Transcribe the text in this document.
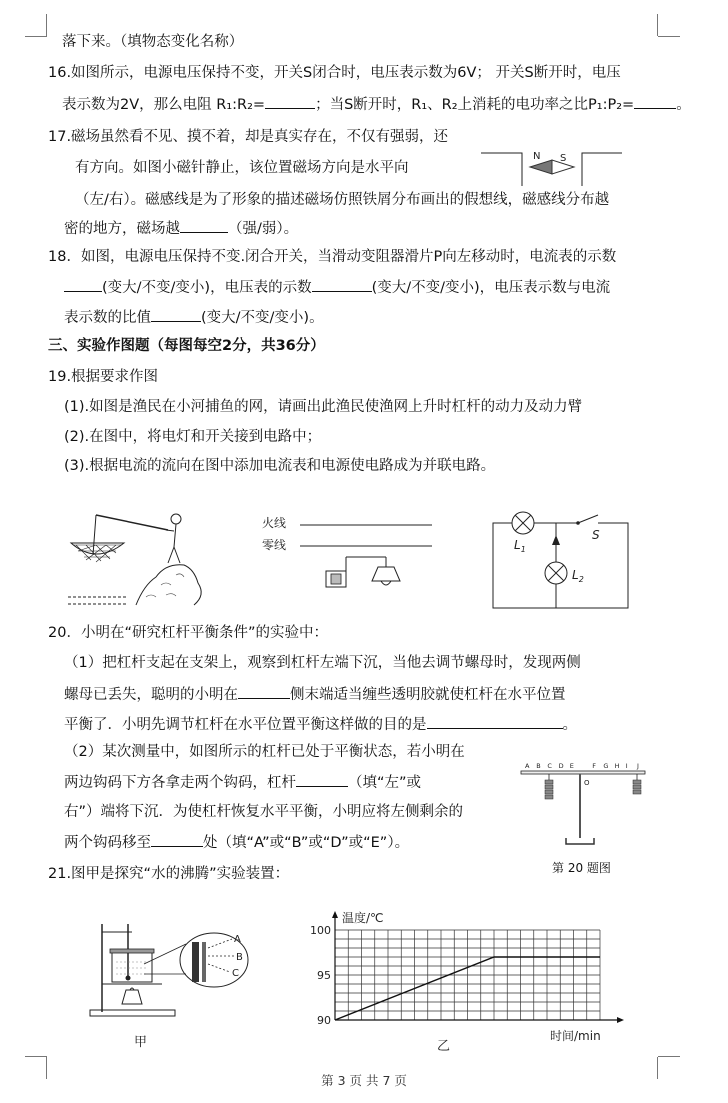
落下来。（填物态变化名称）
16.如图所示，电源电压保持不变，开关S闭合时，电压表示数为6V； 开关S断开时，电压
表示数为2V，那么电阻 R₁:R₂=	；当S断开时，R₁、R₂上消耗的电功率之比P₁:P₂=	。
17.磁场虽然看不见、摸不着，却是真实存在，不仅有强弱，还
有方向。如图小磁针静止，该位置磁场方向是水平向
（左/右）。磁感线是为了形象的描述磁场仿照铁屑分布画出的假想线，磁感线分布越
密的地方，磁场越	（强/弱）。
N S
18．如图，电源电压保持不变.闭合开关，当滑动变阻器滑片P向左移动时，电流表的示数
(变大/不变/变小)，电压表的示数	(变大/不变/变小)，电压表示数与电流
表示数的比值	(变大/不变/变小)。
三、实验作图题（每图每空2分，共36分）
19.根据要求作图
(1).如图是渔民在小河捕鱼的网，请画出此渔民使渔网上升时杠杆的动力及动力臂
(2).在图中，将电灯和开关接到电路中；
(3).根据电流的流向在图中添加电流表和电源使电路成为并联电路。
火线
零线	$L_1$
S
$L_2$
20．小明在“研究杠杆平衡条件”的实验中：
（1）把杠杆支起在支架上，观察到杠杆左端下沉，当他去调节螺母时，发现两侧
螺母已丢失，聪明的小明在	侧末端适当缠些透明胶就使杠杆在水平位置
平衡了．小明先调节杠杆在水平位置平衡这样做的目的是	。
（2）某次测量中，如图所示的杠杆已处于平衡状态，若小明在
两边钩码下方各拿走两个钩码，杠杆	（填“左”或
右”）端将下沉．为使杠杆恢复水平平衡，小明应将左侧剩余的
两个钩码移至	处（填“A”或“B”或“D”或“E”）。
A B C D E	F G H I J
O
第 20 题图
21.图甲是探究“水的沸腾”实验装置：
A
B
C
甲
90
95
100
温度/℃
时间/min
乙
第 3 页 共 7 页
